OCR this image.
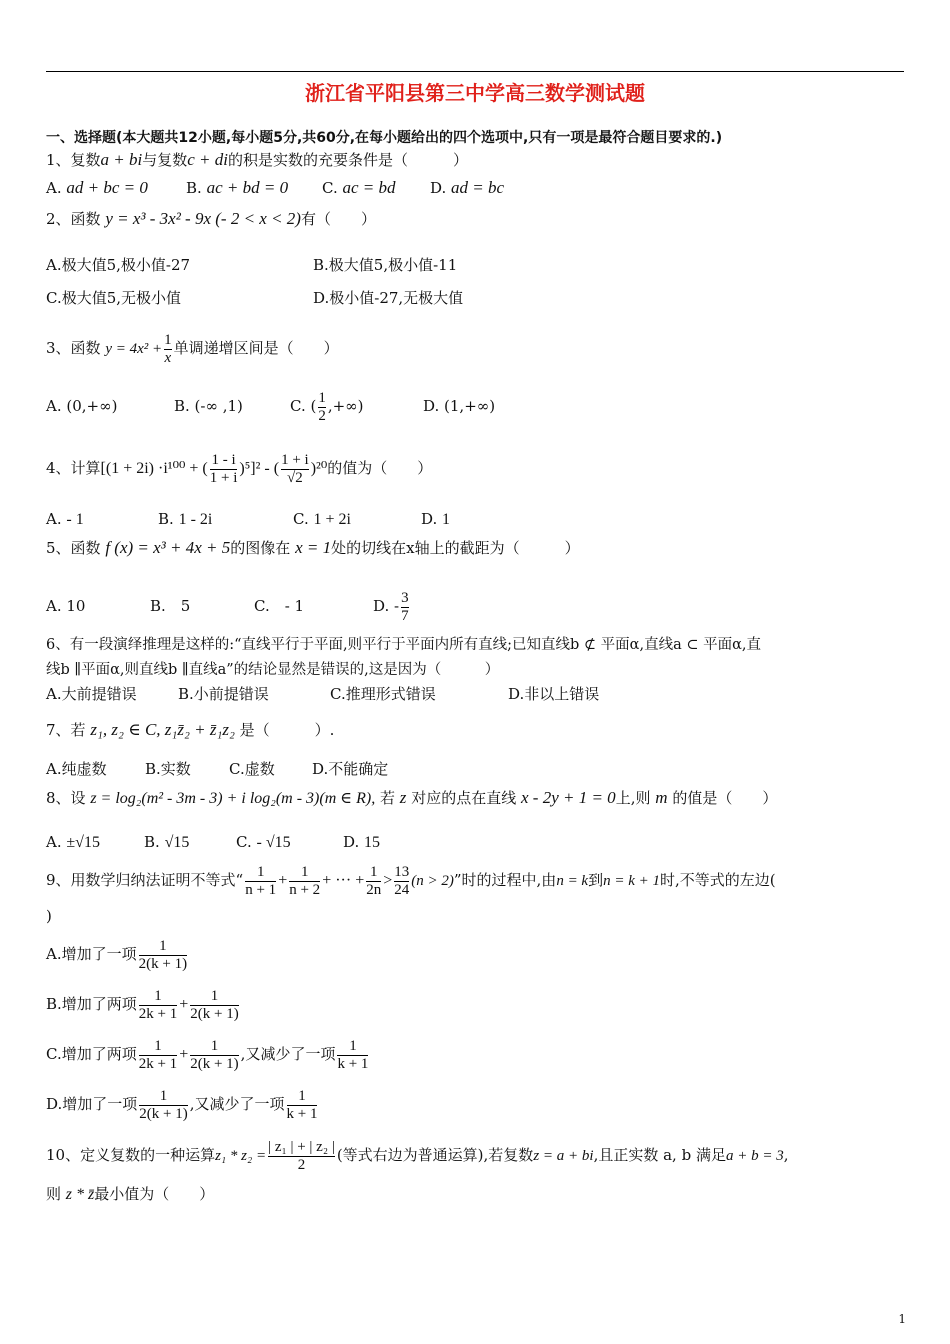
浙江省平阳县第三中学高三数学测试题
一、选择题(本大题共12小题,每小题5分,共60分,在每小题给出的四个选项中,只有一项是最符合题目要求的.)
1、复数a + bi与复数c + di的积是实数的充要条件是（　　　）
A. ad + bc = 0	B. ac + bd = 0 C. ac = bd D. ad = bc
2、函数 y = x³ - 3x² - 9x (- 2 < x < 2)有（　　）
A.极大值5,极小值-27	B.极大值5,极小值-11
C.极大值5,无极小值	D.极小值-27,无极大值
3、函数 $y = 4x^2 + \frac{1}{x}$ 单调递增区间是（　　）
A. (0,+∞)	B. (-∞ ,1)	C. ( $\frac{1}{2}$ ,+∞)	D. (1,+∞)
4、计算[(1 + 2i) ·i¹⁰⁰ + ( $\frac{1 - i}{1 + i} )^5]^2$ - ( $\frac{1 + i}{√2} )^{20}$的值为（　　）
A. - 1	B. 1 - 2i	C. 1 + 2i	D. 1
5、函数 f (x) = x³ + 4x + 5的图像在 x = 1处的切线在x轴上的截距为（　　　）
A. 10	B.　5	C.　- 1	D. - $\frac{3}{7}$
6、有一段演绎推理是这样的:“直线平行于平面,则平行于平面内所有直线;已知直线b ⊄ 平面α,直线a ⊂ 平面α,直
线b ∥平面α,则直线b ∥直线a”的结论显然是错误的,这是因为（　　　）
A.大前提错误	B.小前提错误	C.推理形式错误	D.非以上错误
7、若 z₁, z₂ ∈ C, z₁z̄₂ + z̄₁z₂ 是（　　　）.
A.纯虚数	B.实数	C.虚数 D.不能确定
8、设 z = log₂(m² - 3m - 3) + i log₂(m - 3)(m ∈ R), 若 z 对应的点在直线 x - 2y + 1 = 0上,则 m 的值是（　　）
A. ±√15	B. √15	C. - √15	D. 15
9、用数学归纳法证明不等式“ $\frac{1}{n + 1} + \frac{1}{n + 2}$ + ··· + $\frac{1}{2n} > \frac{13}{24} (n > 2)$”时的过程中,由n = k到n = k + 1时,不等式的左边(
)
A.增加了一项 $\frac{1}{2(k + 1)}$
B.增加了两项 $\frac{1}{2k + 1} + \frac{1}{2(k + 1)}$
C.增加了两项 $\frac{1}{2k + 1} + \frac{1}{2(k + 1)}$ ,又减少了一项 $\frac{1}{k + 1}$
D.增加了一项 $\frac{1}{2(k + 1)}$ ,又减少了一项 $\frac{1}{k + 1}$
10、定义复数的一种运算$z_1 * z_2 = \frac{\text{| z₁ | + | z₂ |}}{2}$ (等式右边为普通运算),若复数z = a + bi,且正实数 a, b 满足a + b = 3,
则 z * z̄最小值为（　　）
1
